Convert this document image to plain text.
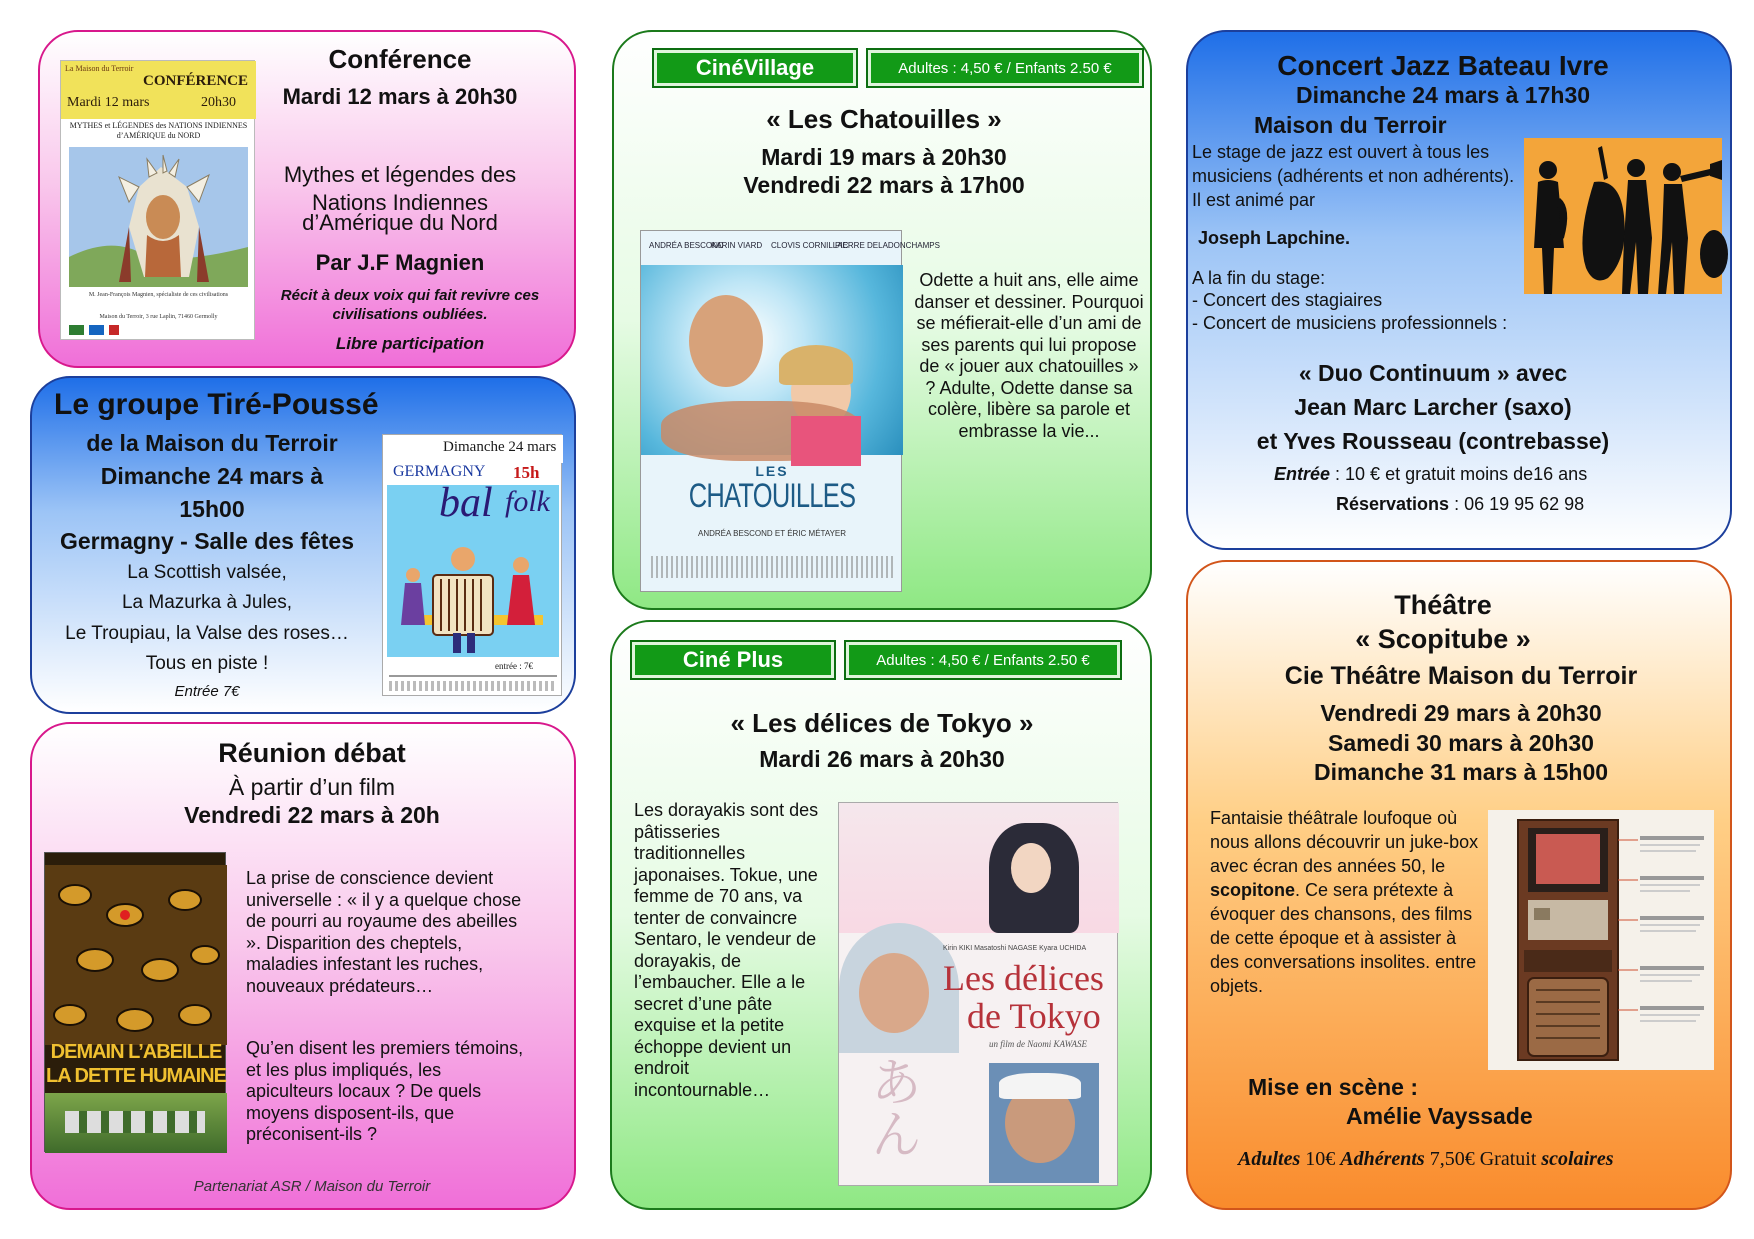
La Maison du Terroir
CONFÉRENCE
Mardi 12 mars	20h30
MYTHES et LÉGENDES des NATIONS INDIENNES d’AMÉRIQUE du NORD
M. Jean-François Magnien, spécialiste de ces civilisations
Maison du Terroir, 3 rue Laplin, 71460 Germolly
Conférence
Mardi 12 mars à 20h30
Mythes et légendes des
Nations Indiennes
d’Amérique du Nord
Par J.F Magnien
Récit à deux voix qui fait revivre ces
civilisations oubliées.
Libre participation
Le groupe Tiré-Poussé
de la Maison du Terroir
Dimanche 24 mars à
15h00
Germagny - Salle des fêtes
La Scottish valsée,
La Mazurka à Jules,
Le Troupiau, la Valse des roses…
Tous en piste !
Entrée 7€
Dimanche 24 mars
GERMAGNY 15h
bal folk
entrée : 7€
Réunion débat
À partir d’un film
Vendredi 22 mars à 20h
DEMAIN L’ABEILLE
LA DETTE HUMAINE
La prise de conscience devient universelle : « il y a quelque chose de pourri au royaume des abeilles ». Disparition des cheptels, maladies infestant les ruches, nouveaux prédateurs…
Qu’en disent les premiers témoins, et les plus impliqués, les apiculteurs locaux ? De quels moyens disposent-ils, que préconisent-ils ?
Partenariat ASR / Maison du Terroir
CinéVillage	Adultes : 4,50 € / Enfants 2.50 €
« Les Chatouilles »
Mardi 19 mars à 20h30
Vendredi 22 mars à 17h00
ANDRÉA BESCOND
KARIN VIARD CLOVIS CORNILLAC
PIERRE DELADONCHAMPS
LES
CHATOUILLES
ANDRÉA BESCOND ET ÉRIC MÉTAYER
Odette a huit ans, elle aime danser et dessiner. Pourquoi se méfierait-elle d’un ami de ses parents qui lui propose de « jouer aux chatouilles » ? Adulte, Odette danse sa colère, libère sa parole et embrasse la vie...
Ciné Plus	Adultes : 4,50 € / Enfants 2.50 €
« Les délices de Tokyo »
Mardi 26 mars à 20h30
Les dorayakis sont des pâtisseries traditionnelles japonaises. Tokue, une femme de 70 ans, va tenter de convaincre Sentaro, le vendeur de dorayakis, de l’embaucher. Elle a le secret d’une pâte exquise et la petite échoppe devient un endroit incontournable…
Kirin KIKI Masatoshi NAGASE Kyara UCHIDA
Les délices
de Tokyo
un film de Naomi KAWASE
あん
Concert Jazz Bateau Ivre
Dimanche 24 mars à 17h30
Maison du Terroir
Le stage de jazz est ouvert à tous les musiciens (adhérents et non adhérents). Il est animé par
Joseph Lapchine.
A la fin du stage:
- Concert des stagiaires
- Concert de musiciens professionnels :
« Duo Continuum » avec
Jean Marc Larcher (saxo)
et Yves Rousseau (contrebasse)
Entrée : 10 € et gratuit moins de16 ans
Réservations : 06 19 95 62 98
Théâtre
« Scopitube »
Cie Théâtre Maison du Terroir
Vendredi 29 mars à 20h30
Samedi 30 mars à 20h30
Dimanche 31 mars à 15h00
Fantaisie théâtrale loufoque où nous allons découvrir un juke-box avec écran des années 50, le scopitone. Ce sera prétexte à évoquer des chansons, des films de cette époque et à assister à des conversations insolites. entre objets.
Mise en scène :
Amélie Vayssade
Adultes 10€ Adhérents 7,50€ Gratuit scolaires
